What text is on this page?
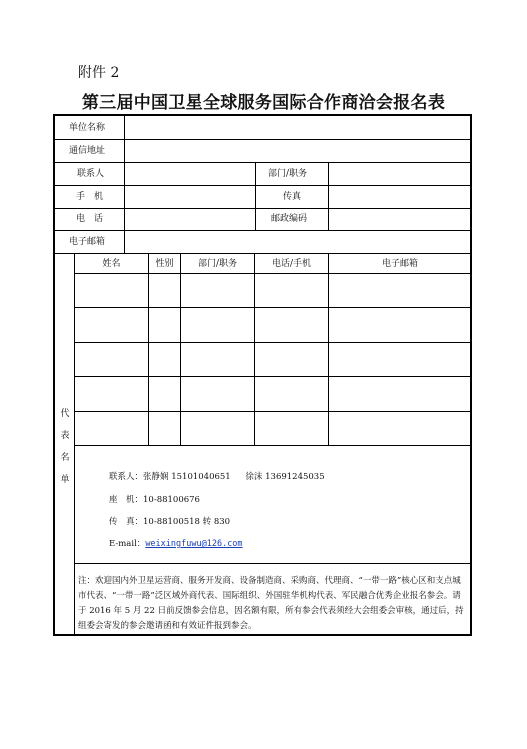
附件 2
第三届中国卫星全球服务国际合作商洽会报名表
单位名称
通信地址
联系人	部门/职务
手　机	传真
电　话	邮政编码
电子邮箱
姓名	性别	部门/职务	电话/手机	电子邮箱
代
表
名
单	联系人：张静娴 15101040651 徐沫 13691245035
座　机：10-88100676
传　真：10-88100518 转 830
E-mail：weixingfuwu@126.com
注：欢迎国内外卫星运营商、服务开发商、设备制造商、采购商、代理商、“一带一路”核心区和支点城市代表、“一带一路”泛区域外商代表、国际组织、外国驻华机构代表、军民融合优秀企业报名参会。请于 2016 年 5 月 22 日前反馈参会信息，因名额有限，所有参会代表须经大会组委会审核，通过后，持组委会寄发的参会邀请函和有效证件报到参会。
